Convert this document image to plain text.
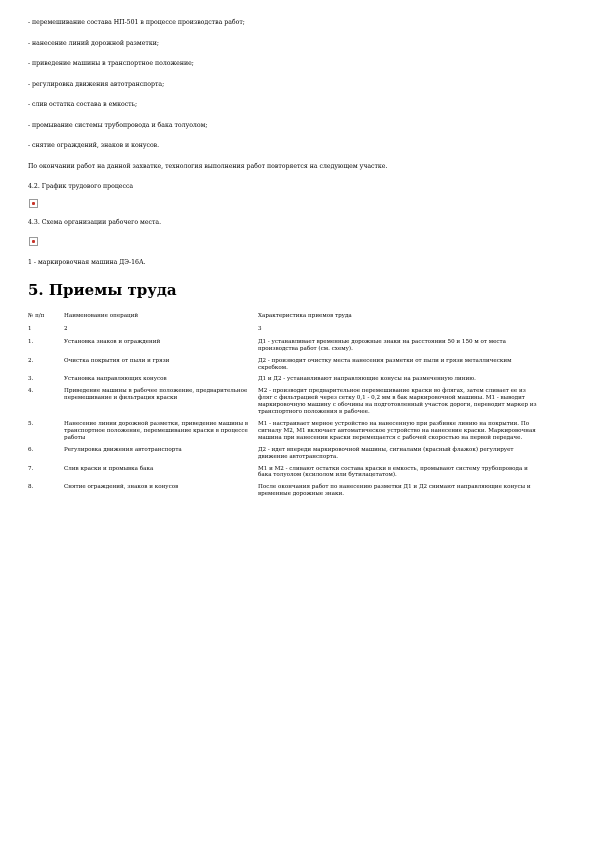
- перемешивание состава НП-501 в процессе производства работ;
- нанесение линий дорожной разметки;
- приведение машины в транспортное положение;
- регулировка движения автотранспорта;
- слив остатка состава в емкость;
- промывание системы трубопровода и бака толуолом;
- снятие ограждений, знаков и конусов.
По окончании работ на данной захватке, технология выполнения работ повторяется на следующем участке.
4.2. График трудового процесса
4.3. Схема организации рабочего места.
1 - маркировочная машина ДЭ-16А.
5. Приемы труда
№ п/п	Наименование операций	Характеристика приемов труда
1	2	3
1.	Установка знаков и ограждений	Д1 - устанавливает временные дорожные знаки на расстоянии 50 и 150 м от места производства работ (см. схему).
2.	Очистка покрытия от пыли и грязи	Д2 - производит очистку места нанесения разметки от пыли и грязи металлическим скребком.
3.	Установка направляющих конусов	Д1 и Д2 - устанавливают направляющие конусы на размеченную линию.
4.	Приведение машины в рабочее положение, предварительное перемешивание и фильтрация краски	М2 - производит предварительное перемешивание краски во флягах, затем сливает ее из фляг с фильтрацией через сетку 0,1 - 0,2 мм в бак маркировочной машины. М1 - выводит маркировочную машину с обочины на подготовленный участок дороги, переводит маркер из транспортного положения в рабочее.
5.	Нанесение линии дорожной разметки, приведение машины в транспортное положение, перемешивание краски в процессе работы	М1 - настраивает мерное устройство на нанесенную при разбивке линию на покрытии. По сигналу М2, М1 включает автоматическое устройство на нанесение краски. Маркировочная машина при нанесении краски перемещается с рабочей скоростью на первой передаче.
6.	Регулировка движения автотранспорта	Д2 - идет впереди маркировочной машины, сигналами (красный флажок) регулирует движение автотранспорта.
7.	Слив краски и промывка бака	М1 и М2 - сливают остатки состава краски в емкость, промывают систему трубопровода и бака толуолом (ксилолом или бутилацетатом).
8.	Снятие ограждений, знаков и конусов	После окончания работ по нанесению разметки Д1 и Д2 снимают направляющие конусы и временные дорожные знаки.
